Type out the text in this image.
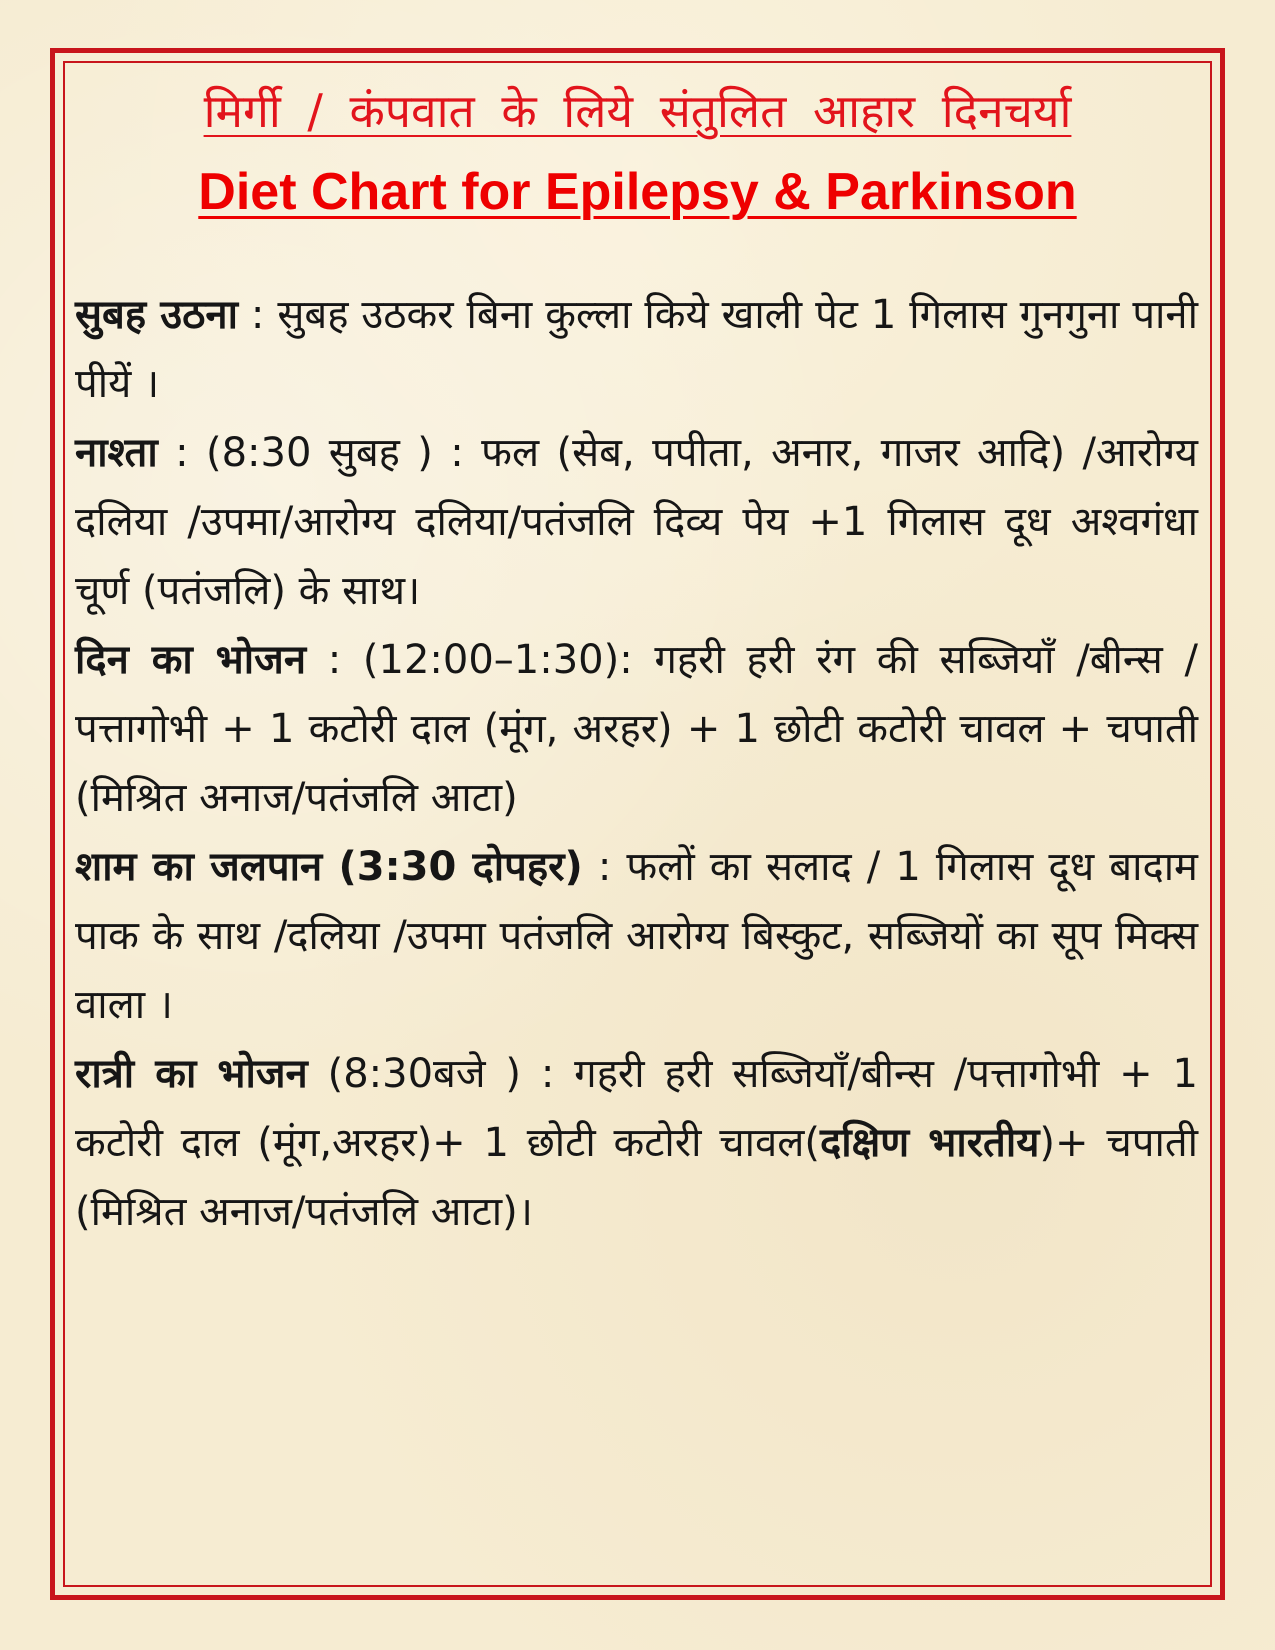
मिर्गी / कंपवात के लिये संतुलित आहार दिनचर्या
Diet Chart for Epilepsy & Parkinson

सुबह उठना : सुबह उठकर बिना कुल्ला किये खाली पेट 1 गिलास गुनगुना पानी पीयें ।

नाश्ता : (8:30 सुबह ) : फल (सेब, पपीता, अनार, गाजर आदि) /आरोग्य दलिया /उपमा/आरोग्य दलिया/पतंजलि दिव्य पेय +1 गिलास दूध अश्वगंधा चूर्ण (पतंजलि) के साथ।

दिन का भोजन : (12:00–1:30): गहरी हरी रंग की सब्जियाँ /बीन्स /पत्तागोभी + 1 कटोरी दाल (मूंग, अरहर) + 1 छोटी कटोरी चावल + चपाती (मिश्रित अनाज/पतंजलि आटा)

शाम का जलपान (3:30 दोपहर) : फलों का सलाद / 1 गिलास दूध बादाम पाक के साथ /दलिया /उपमा पतंजलि आरोग्य बिस्कुट, सब्जियों का सूप मिक्स वाला ।

रात्री का भोजन (8:30बजे ) : गहरी हरी सब्जियाँ/बीन्स /पत्तागोभी + 1 कटोरी दाल (मूंग,अरहर)+ 1 छोटी कटोरी चावल(दक्षिण भारतीय)+ चपाती (मिश्रित अनाज/पतंजलि आटा)।
